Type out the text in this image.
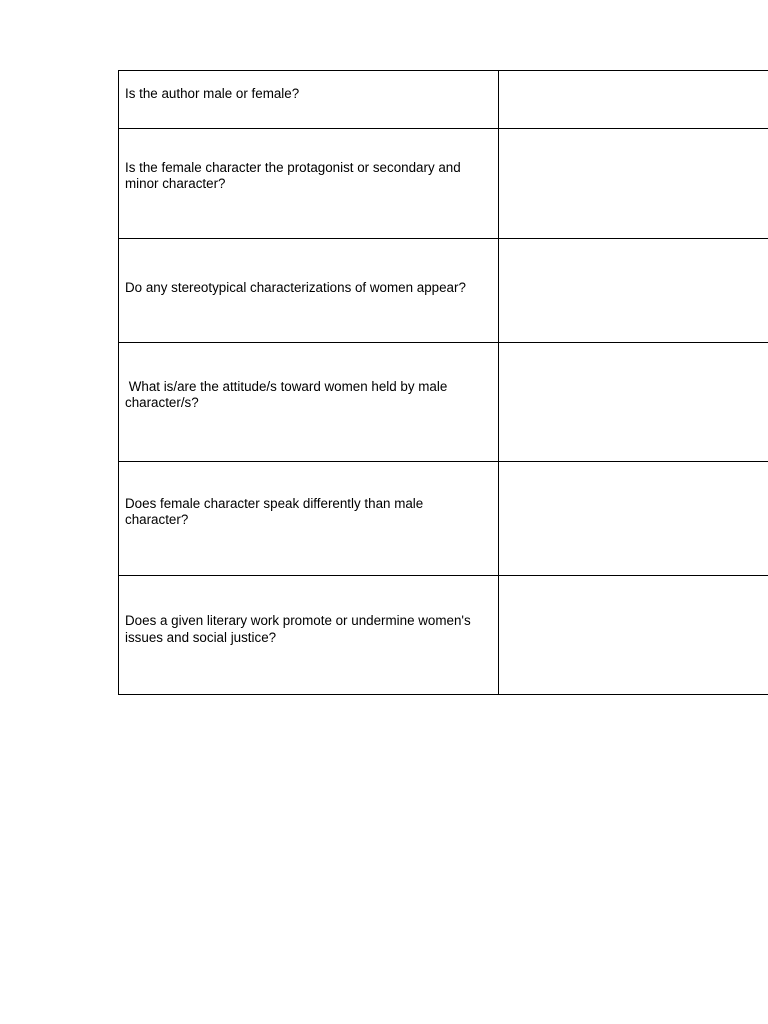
Is the author male or female?	

Is the female character the protagonist or secondary and minor character?	

Do any stereotypical characterizations of women appear?	

What is/are the attitude/s toward women held by male character/s?	

Does female character speak differently than male character?	

Does a given literary work promote or undermine women's issues and social justice?	
